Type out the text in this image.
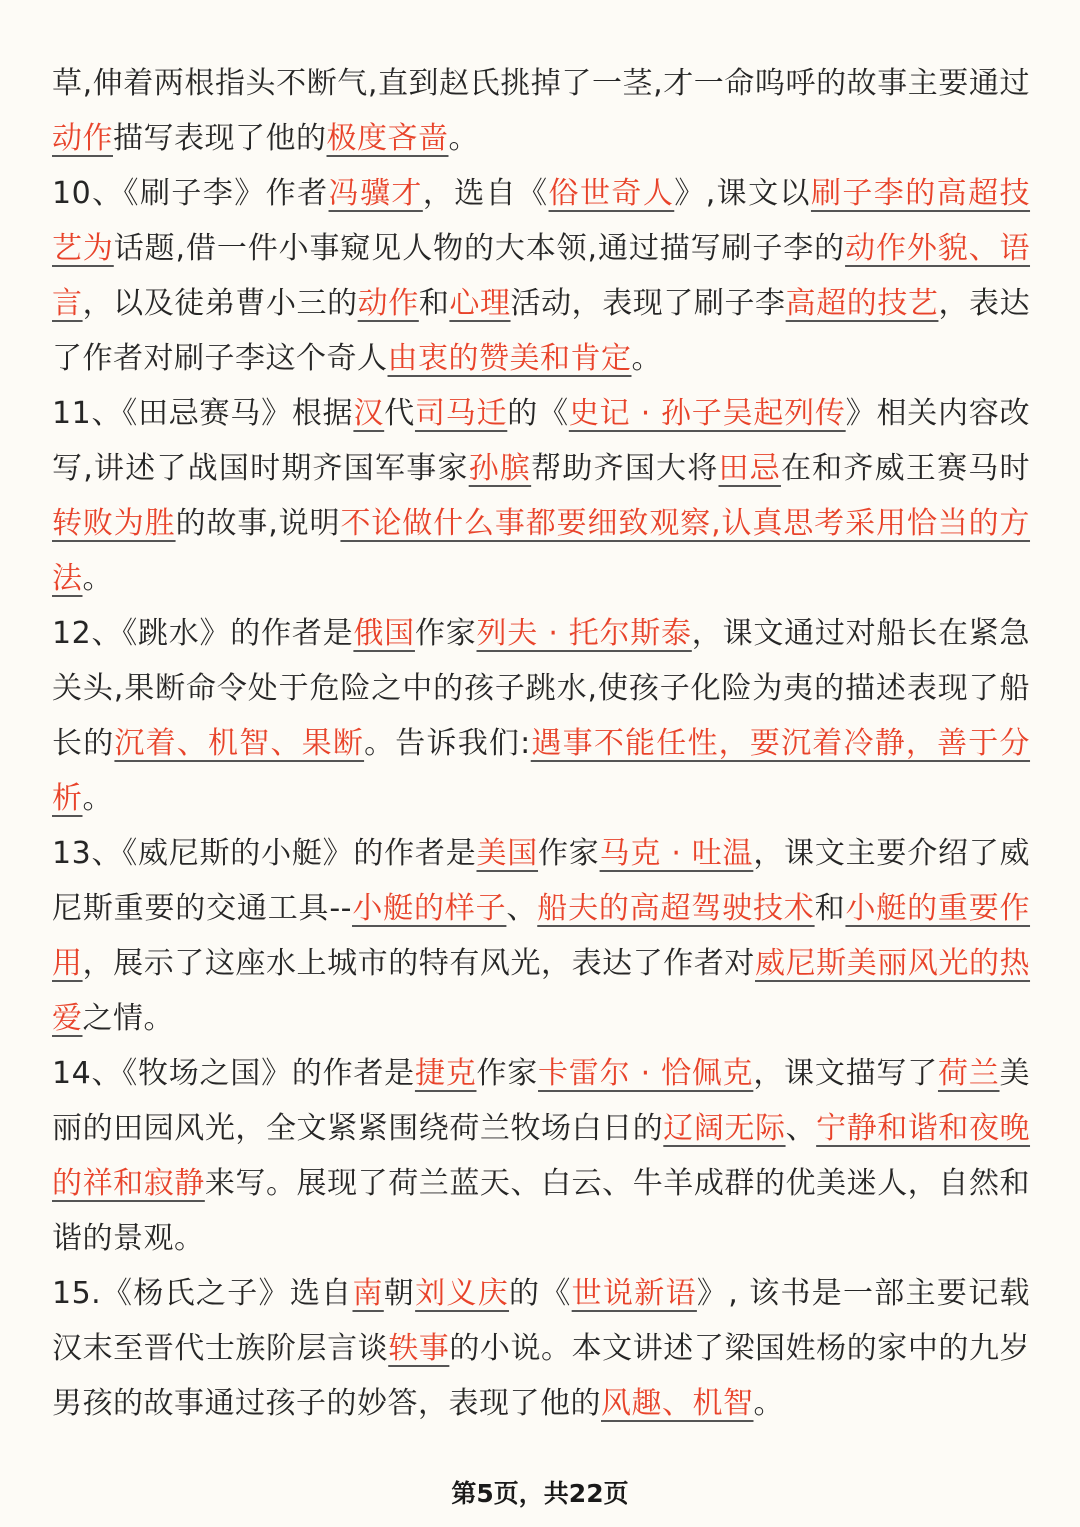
草,伸着两根指头不断气,直到赵氏挑掉了一茎,才一命呜呼的故事主要通过动作描写表现了他的极度吝啬。

10、《刷子李》作者冯骥才，选自《俗世奇人》,课文以刷子李的高超技艺为话题,借一件小事窥见人物的大本领,通过描写刷子李的动作外貌、语言，以及徒弟曹小三的动作和心理活动，表现了刷子李高超的技艺，表达了作者对刷子李这个奇人由衷的赞美和肯定。

11、《田忌赛马》根据汉代司马迁的《史记 · 孙子吴起列传》相关内容改写,讲述了战国时期齐国军事家孙膑帮助齐国大将田忌在和齐威王赛马时转败为胜的故事,说明不论做什么事都要细致观察,认真思考采用恰当的方法。

12、《跳水》的作者是俄国作家列夫 · 托尔斯泰，课文通过对船长在紧急关头,果断命令处于危险之中的孩子跳水,使孩子化险为夷的描述表现了船长的沉着、机智、果断。告诉我们:遇事不能任性，要沉着冷静，善于分析。

13、《威尼斯的小艇》的作者是美国作家马克 · 吐温，课文主要介绍了威尼斯重要的交通工具--小艇的样子、船夫的高超驾驶技术和小艇的重要作用，展示了这座水上城市的特有风光，表达了作者对威尼斯美丽风光的热爱之情。

14、《牧场之国》的作者是捷克作家卡雷尔 · 恰佩克，课文描写了荷兰美丽的田园风光，全文紧紧围绕荷兰牧场白日的辽阔无际、宁静和谐和夜晚的祥和寂静来写。展现了荷兰蓝天、白云、牛羊成群的优美迷人，自然和谐的景观。

15.《杨氏之子》选自南朝刘义庆的《世说新语》, 该书是一部主要记载汉末至晋代士族阶层言谈轶事的小说。本文讲述了梁国姓杨的家中的九岁男孩的故事通过孩子的妙答，表现了他的风趣、机智。

第5页，共22页
